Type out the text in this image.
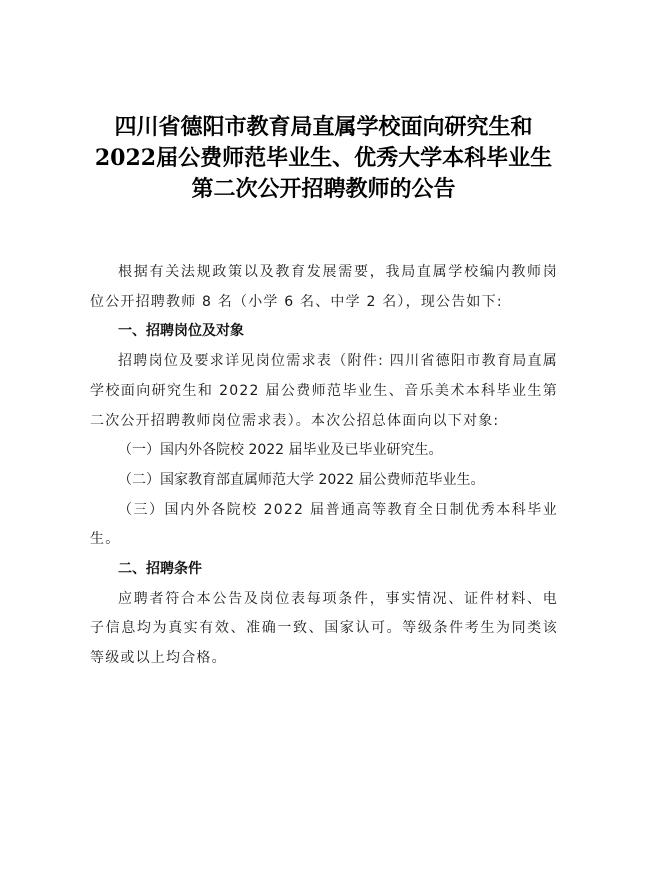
四川省德阳市教育局直属学校面向研究生和
2022届公费师范毕业生、优秀大学本科毕业生
第二次公开招聘教师的公告

根据有关法规政策以及教育发展需要，我局直属学校编内教师岗位公开招聘教师 8 名（小学 6 名、中学 2 名），现公告如下:

一、招聘岗位及对象

招聘岗位及要求详见岗位需求表（附件: 四川省德阳市教育局直属学校面向研究生和 2022 届公费师范毕业生、音乐美术本科毕业生第二次公开招聘教师岗位需求表）。本次公招总体面向以下对象:

（一）国内外各院校 2022 届毕业及已毕业研究生。

（二）国家教育部直属师范大学 2022 届公费师范毕业生。

（三）国内外各院校 2022 届普通高等教育全日制优秀本科毕业生。

二、招聘条件

应聘者符合本公告及岗位表每项条件，事实情况、证件材料、电子信息均为真实有效、准确一致、国家认可。等级条件考生为同类该等级或以上均合格。
